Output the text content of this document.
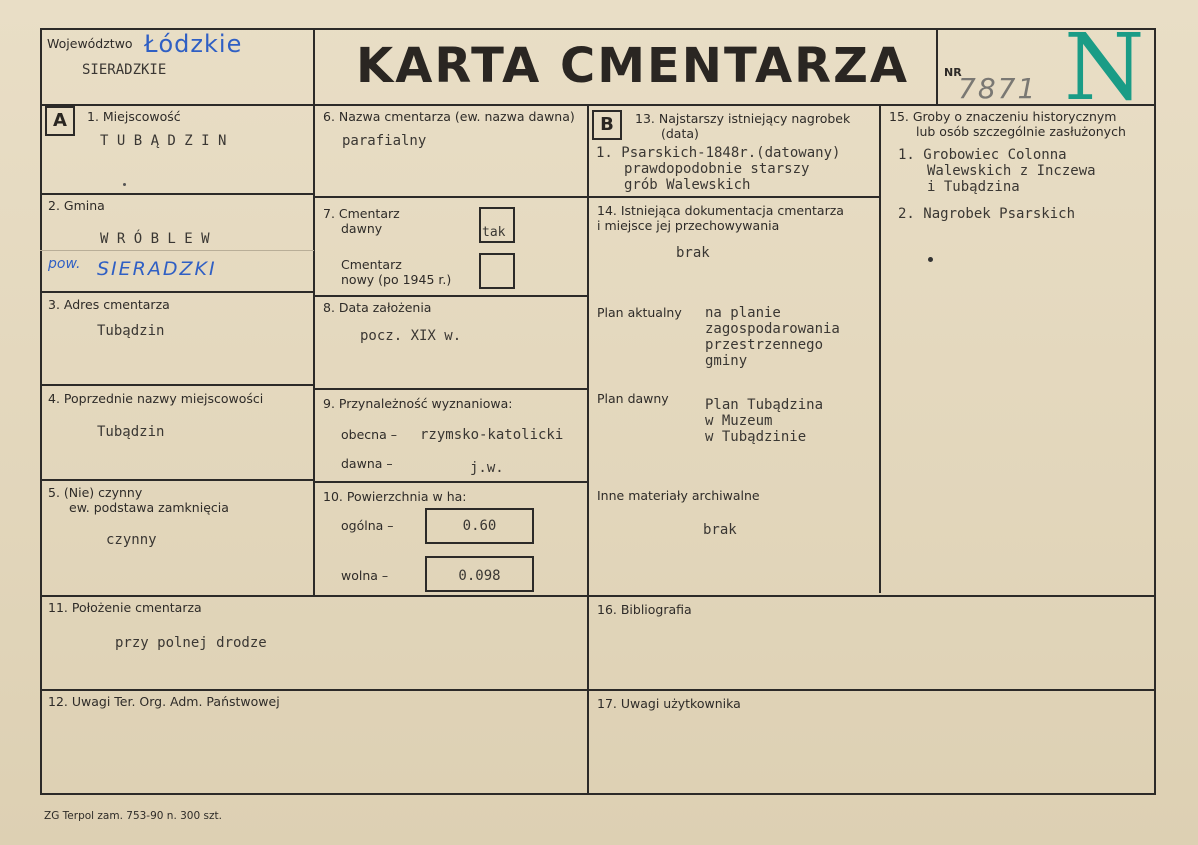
Województwo Łódzkie
SIERADZKIE	KARTA CMENTARZA	NR
7871 N
A	B
1. Miejscowość
T U B Ą D Z I N
2. Gmina
W R Ó B L E W
pow. SIERADZKI
3. Adres cmentarza
Tubądzin
4. Poprzednie nazwy miejscowości
Tubądzin
5. (Nie) czynny
ew. podstawa zamknięcia
czynny
6. Nazwa cmentarza (ew. nazwa dawna)
parafialny
7. Cmentarz
dawny	tak
Cmentarz
nowy (po 1945 r.)
8. Data założenia
pocz. XIX w.
9. Przynależność wyznaniowa:
obecna – rzymsko-katolicki
dawna –	j.w.
10. Powierzchnia w ha:
ogólna –	0.60
wolna –	0.098
13. Najstarszy istniejący nagrobek
(data)
1. Psarskich-1848r.(datowany)
prawdopodobnie starszy
grób Walewskich
14. Istniejąca dokumentacja cmentarza
i miejsce jej przechowywania
brak
Plan aktualny na planie
zagospodarowania
przestrzennego
gminy
Plan dawny	Plan Tubądzina
w Muzeum
w Tubądzinie
Inne materiały archiwalne
brak
15. Groby o znaczeniu historycznym
lub osób szczególnie zasłużonych
1. Grobowiec Colonna
Walewskich z Inczewa
i Tubądzina
2. Nagrobek Psarskich
11. Położenie cmentarza
przy polnej drodze
16. Bibliografia
12. Uwagi Ter. Org. Adm. Państwowej	17. Uwagi użytkownika
ZG Terpol zam. 753-90 n. 300 szt.
